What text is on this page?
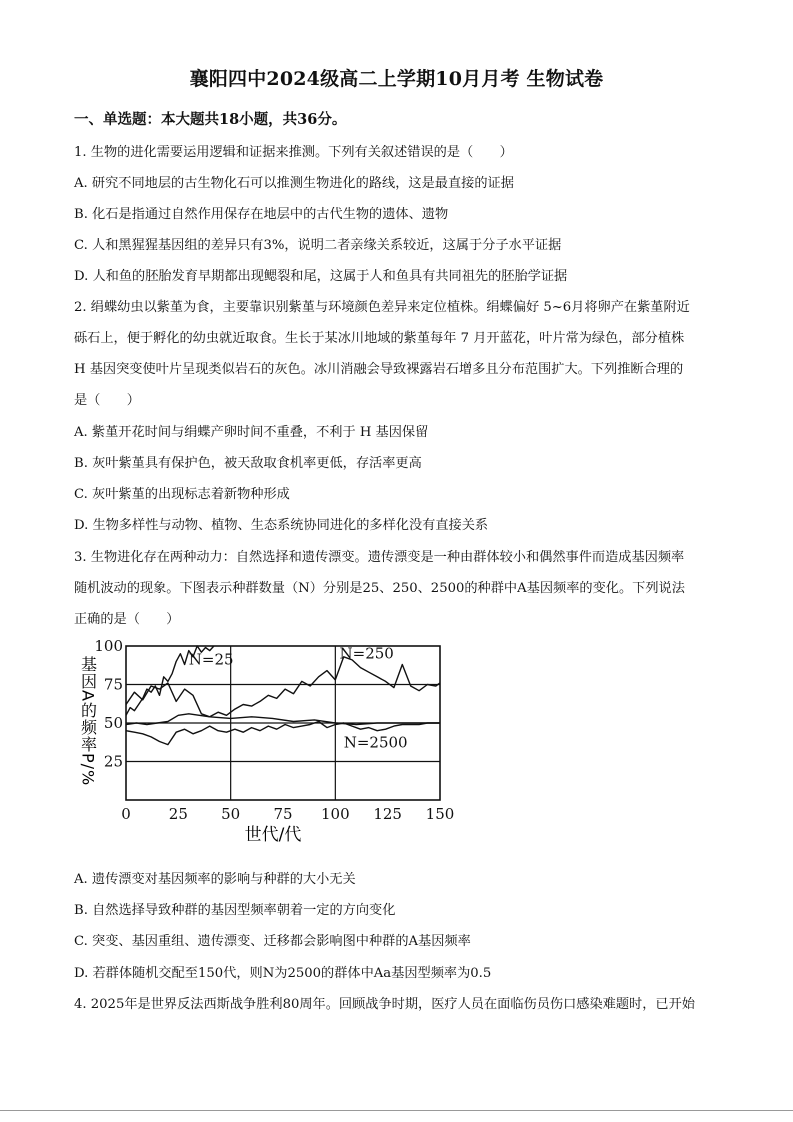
襄阳四中2024级高二上学期10月月考 生物试卷
一、单选题：本大题共18小题，共36分。
1. 生物的进化需要运用逻辑和证据来推测。下列有关叙述错误的是（　　）
A. 研究不同地层的古生物化石可以推测生物进化的路线，这是最直接的证据
B. 化石是指通过自然作用保存在地层中的古代生物的遗体、遗物
C. 人和黑猩猩基因组的差异只有3%，说明二者亲缘关系较近，这属于分子水平证据
D. 人和鱼的胚胎发育早期都出现鳃裂和尾，这属于人和鱼具有共同祖先的胚胎学证据
2. 绢蝶幼虫以紫堇为食，主要靠识别紫堇与环境颜色差异来定位植株。绢蝶偏好 5~6月将卵产在紫堇附近
砾石上，便于孵化的幼虫就近取食。生长于某冰川地域的紫堇每年 7 月开蓝花，叶片常为绿色，部分植株
H 基因突变使叶片呈现类似岩石的灰色。冰川消融会导致裸露岩石增多且分布范围扩大。下列推断合理的
是（　　）
A. 紫堇开花时间与绢蝶产卵时间不重叠，不利于 H 基因保留
B. 灰叶紫堇具有保护色，被天敌取食机率更低，存活率更高
C. 灰叶紫堇的出现标志着新物种形成
D. 生物多样性与动物、植物、生态系统协同进化的多样化没有直接关系
3. 生物进化存在两种动力：自然选择和遗传漂变。遗传漂变是一种由群体较小和偶然事件而造成基因频率
随机波动的现象。下图表示种群数量（N）分别是25、250、2500的种群中A基因频率的变化。下列说法
正确的是（　　）
0	25 50 75 100 125 150
25
50
75
100
基因A的频率P/%
世代/代
N=25	N=250
N=2500
A. 遗传漂变对基因频率的影响与种群的大小无关
B. 自然选择导致种群的基因型频率朝着一定的方向变化
C. 突变、基因重组、遗传漂变、迁移都会影响图中种群的A基因频率
D. 若群体随机交配至150代，则N为2500的群体中Aa基因型频率为0.5
4. 2025年是世界反法西斯战争胜利80周年。回顾战争时期，医疗人员在面临伤员伤口感染难题时，已开始
